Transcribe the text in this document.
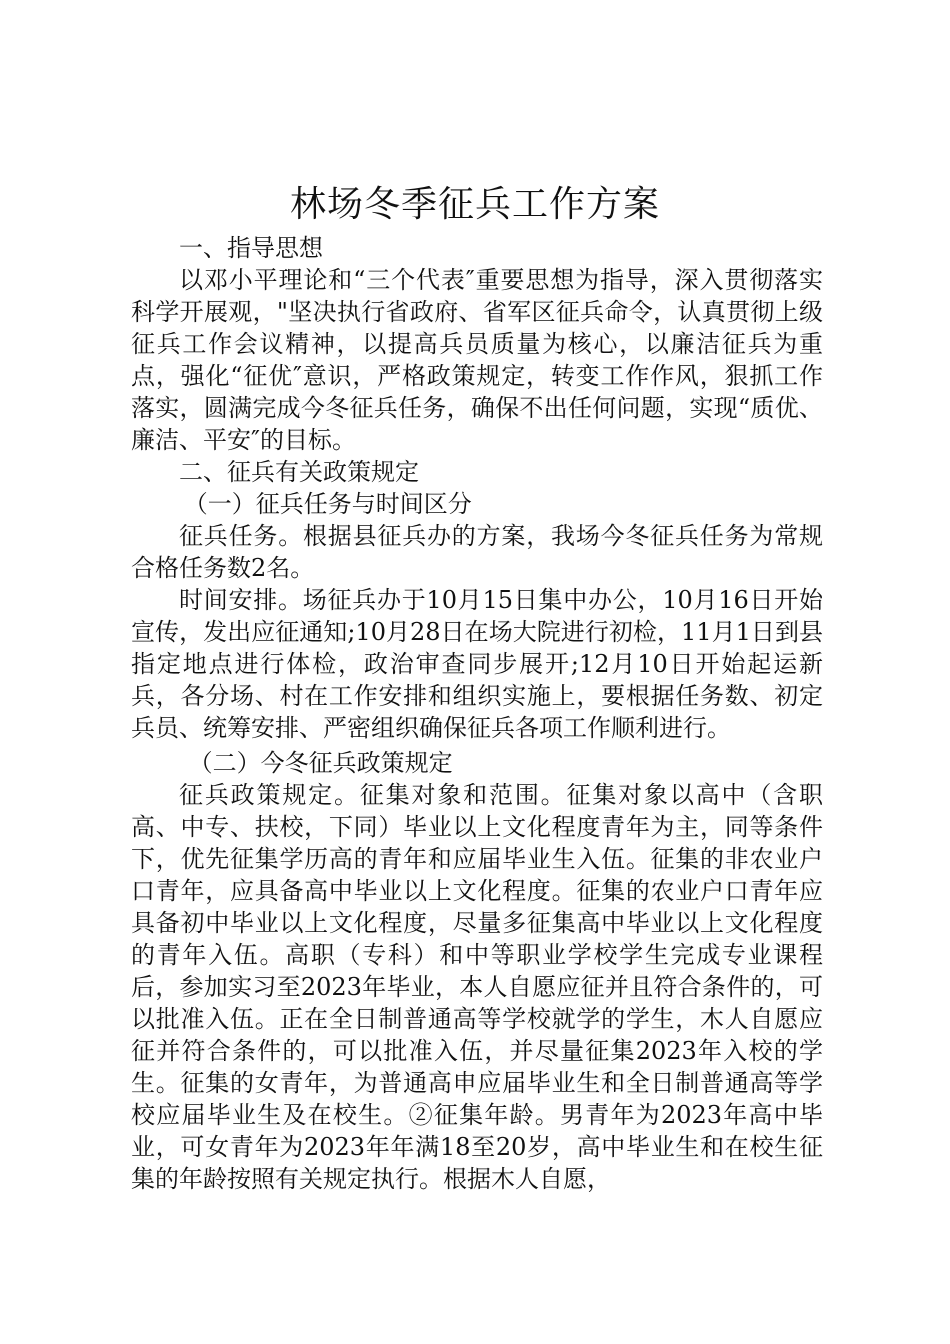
林场冬季征兵工作方案

一、指导思想

以邓小平理论和“三个代表″重要思想为指导，深入贯彻落实科学开展观，"坚决执行省政府、省军区征兵命令，认真贯彻上级征兵工作会议精神，以提高兵员质量为核心，以廉洁征兵为重点，强化“征优″意识，严格政策规定，转变工作作风，狠抓工作落实，圆满完成今冬征兵任务，确保不出任何问题，实现“质优、廉洁、平安″的目标。

二、征兵有关政策规定

（一）征兵任务与时间区分

征兵任务。根据县征兵办的方案，我场今冬征兵任务为常规合格任务数2名。

时间安排。场征兵办于10月15日集中办公，10月16日开始宣传，发出应征通知;10月28日在场大院进行初检，11月1日到县指定地点进行体检，政治审查同步展开;12月10日开始起运新兵，各分场、村在工作安排和组织实施上，要根据任务数、初定兵员、统筹安排、严密组织确保征兵各项工作顺利进行。

（二）今冬征兵政策规定

征兵政策规定。征集对象和范围。征集对象以高中（含职高、中专、扶校，下同）毕业以上文化程度青年为主，同等条件下，优先征集学历高的青年和应届毕业生入伍。征集的非农业户口青年，应具备高中毕业以上文化程度。征集的农业户口青年应具备初中毕业以上文化程度，尽量多征集高中毕业以上文化程度的青年入伍。高职（专科）和中等职业学校学生完成专业课程后，参加实习至2023年毕业，本人自愿应征并且符合条件的，可以批准入伍。正在全日制普通高等学校就学的学生，木人自愿应征并符合条件的，可以批准入伍，并尽量征集2023年入校的学生。征集的女青年，为普通高申应届毕业生和全日制普通高等学校应届毕业生及在校生。②征集年龄。男青年为2023年高中毕业，可女青年为2023年年满18至20岁，高中毕业生和在校生征集的年龄按照有关规定执行。根据木人自愿，
